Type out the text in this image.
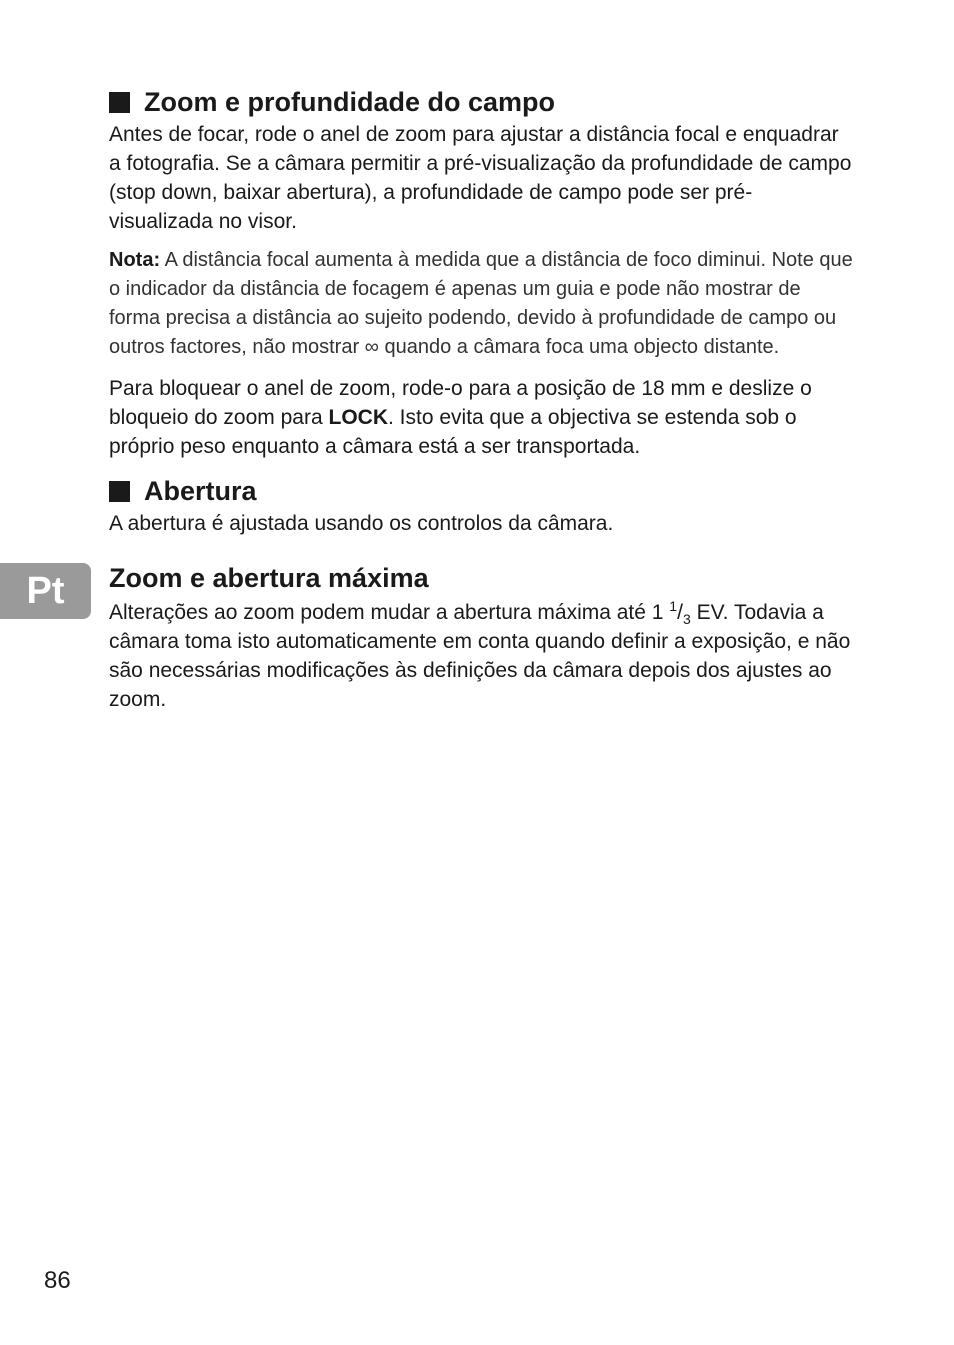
Pt
Zoom e profundidade do campo

Antes de focar, rode o anel de zoom para ajustar a distância focal e enquadrar a fotografia. Se a câmara permitir a pré-visualização da profundidade de campo (stop down, baixar abertura), a profundidade de campo pode ser pré-visualizada no visor.

Nota: A distância focal aumenta à medida que a distância de foco diminui. Note que o indicador da distância de focagem é apenas um guia e pode não mostrar de forma precisa a distância ao sujeito podendo, devido à profundidade de campo ou outros factores, não mostrar ∞ quando a câmara foca uma objecto distante.

Para bloquear o anel de zoom, rode-o para a posição de 18 mm e deslize o bloqueio do zoom para LOCK. Isto evita que a objectiva se estenda sob o próprio peso enquanto a câmara está a ser transportada.

Abertura

A abertura é ajustada usando os controlos da câmara.

Zoom e abertura máxima

Alterações ao zoom podem mudar a abertura máxima até 1 $^1/_3$ EV. Todavia a câmara toma isto automaticamente em conta quando definir a exposição, e não são necessárias modificações às definições da câmara depois dos ajustes ao zoom.

86
